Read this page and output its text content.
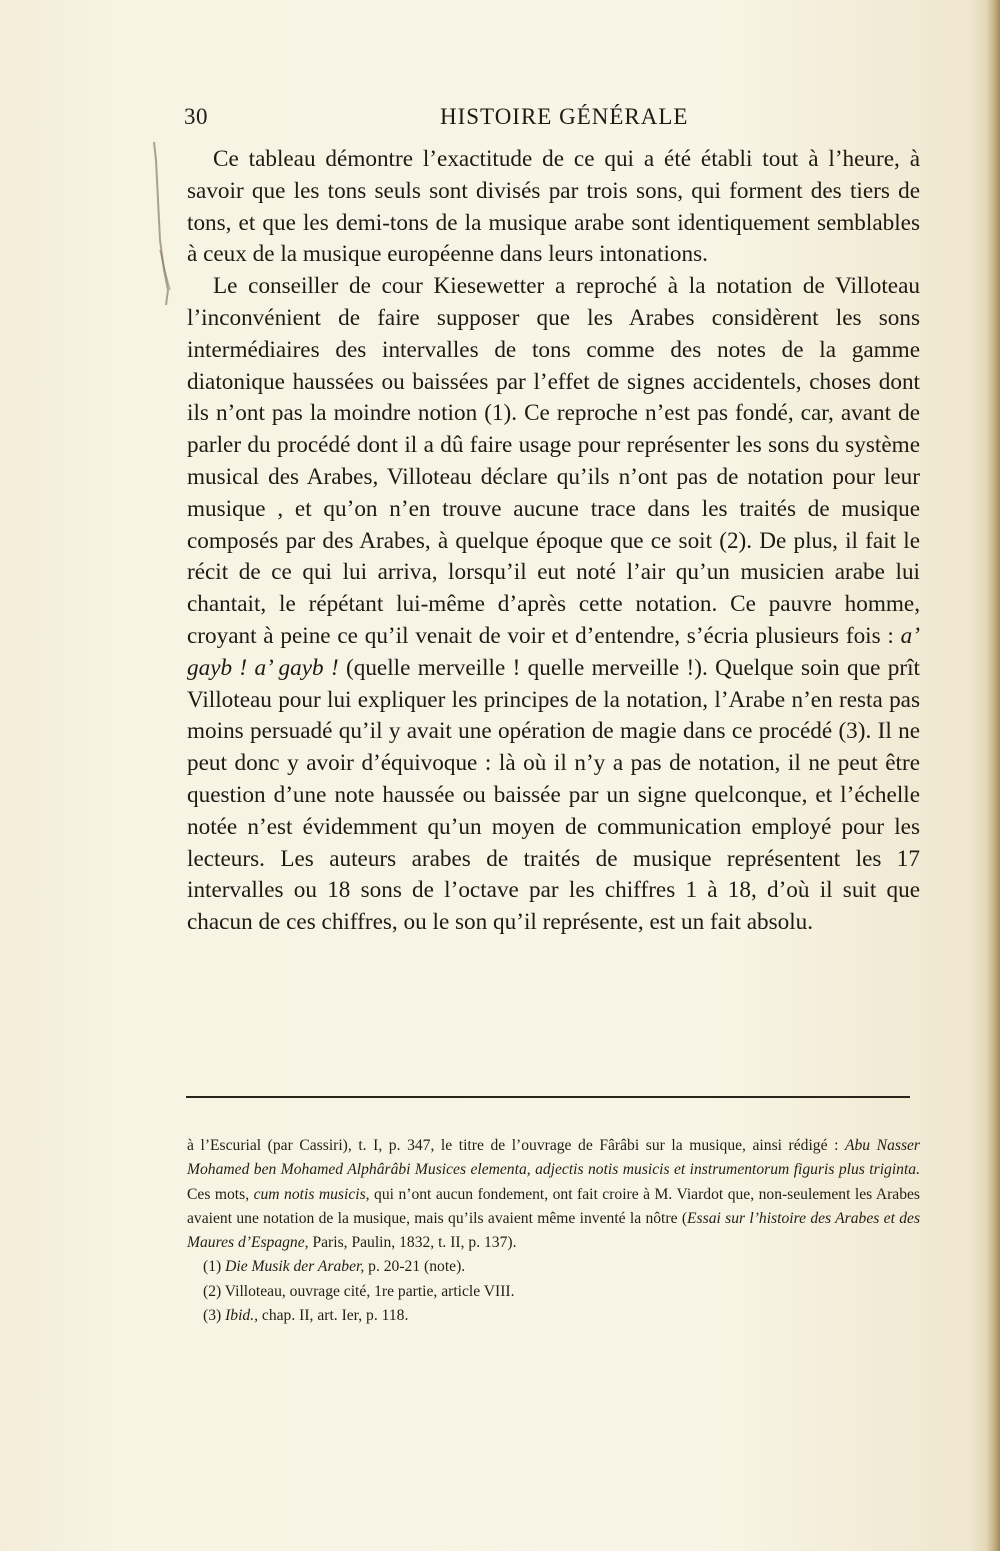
30	HISTOIRE GÉNÉRALE

Ce tableau démontre l’exactitude de ce qui a été établi tout à l’heure, à savoir que les tons seuls sont divisés par trois sons, qui forment des tiers de tons, et que les demi-tons de la musique arabe sont identiquement semblables à ceux de la musique européenne dans leurs intonations.

Le conseiller de cour Kiesewetter a reproché à la notation de Villoteau l’inconvénient de faire supposer que les Arabes considèrent les sons intermédiaires des intervalles de tons comme des notes de la gamme diatonique haussées ou baissées par l’effet de signes accidentels, choses dont ils n’ont pas la moindre notion (1). Ce reproche n’est pas fondé, car, avant de parler du procédé dont il a dû faire usage pour représenter les sons du système musical des Arabes, Villoteau déclare qu’ils n’ont pas de notation pour leur musique , et qu’on n’en trouve aucune trace dans les traités de musique composés par des Arabes, à quelque époque que ce soit (2). De plus, il fait le récit de ce qui lui arriva, lorsqu’il eut noté l’air qu’un musicien arabe lui chantait, le répétant lui-même d’après cette notation. Ce pauvre homme, croyant à peine ce qu’il venait de voir et d’entendre, s’écria plusieurs fois : a’ gayb ! a’ gayb ! (quelle merveille ! quelle merveille !). Quelque soin que prît Villoteau pour lui expliquer les principes de la notation, l’Arabe n’en resta pas moins persuadé qu’il y avait une opération de magie dans ce procédé (3). Il ne peut donc y avoir d’équivoque : là où il n’y a pas de notation, il ne peut être question d’une note haussée ou baissée par un signe quelconque, et l’échelle notée n’est évidemment qu’un moyen de communication employé pour les lecteurs. Les auteurs arabes de traités de musique représentent les 17 intervalles ou 18 sons de l’octave par les chiffres 1 à 18, d’où il suit que chacun de ces chiffres, ou le son qu’il représente, est un fait absolu.

à l’Escurial (par Cassiri), t. I, p. 347, le titre de l’ouvrage de Fârâbi sur la musique, ainsi rédigé : Abu Nasser Mohamed ben Mohamed Alphârâbi Musices elementa, adjectis notis musicis et instrumentorum figuris plus triginta. Ces mots, cum notis musicis, qui n’ont aucun fondement, ont fait croire à M. Viardot que, non-seulement les Arabes avaient une notation de la musique, mais qu’ils avaient même inventé la nôtre (Essai sur l’histoire des Arabes et des Maures d’Espagne, Paris, Paulin, 1832, t. II, p. 137).

(1) Die Musik der Araber, p. 20-21 (note).

(2) Villoteau, ouvrage cité, 1re partie, article VIII.

(3) Ibid., chap. II, art. Ier, p. 118.
